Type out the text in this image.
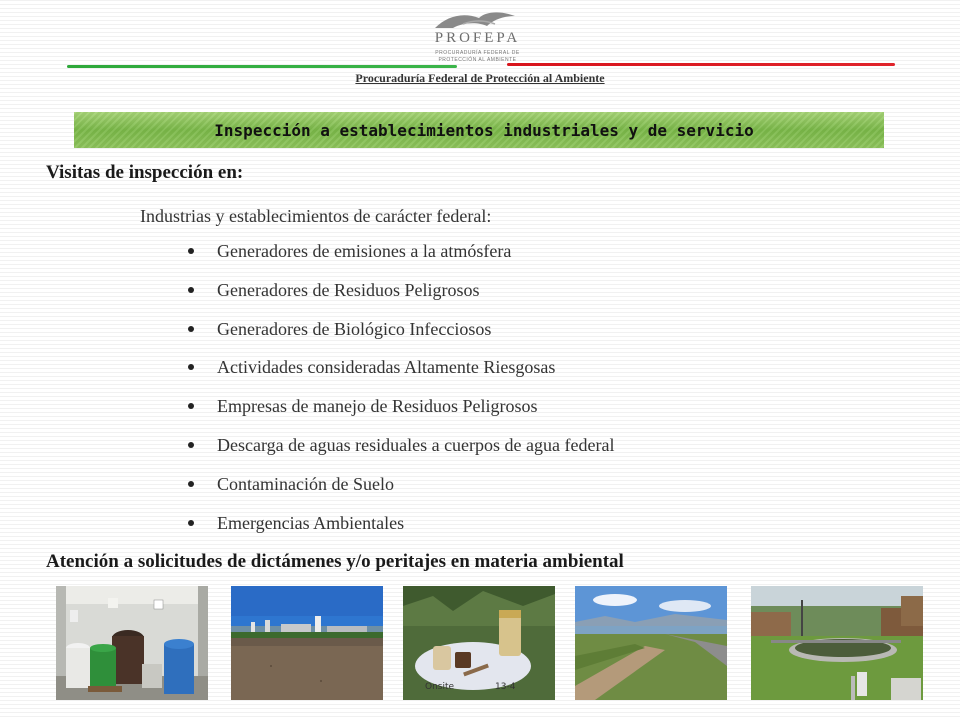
PROFEPA
PROCURADURÍA FEDERAL DE
PROTECCIÓN AL AMBIENTE
Procuraduría Federal de Protección al Ambiente
Inspección a establecimientos industriales y de servicio
Visitas de inspección en:
Industrias y establecimientos de carácter federal:
Generadores de emisiones a la atmósfera
Generadores de Residuos Peligrosos
Generadores de Biológico Infecciosos
Actividades consideradas Altamente Riesgosas
Empresas de manejo de Residuos Peligrosos
Descarga de aguas residuales a cuerpos de agua federal
Contaminación de Suelo
Emergencias Ambientales
Atención a solicitudes de dictámenes y/o peritajes en materia ambiental
Onsite	13-4
